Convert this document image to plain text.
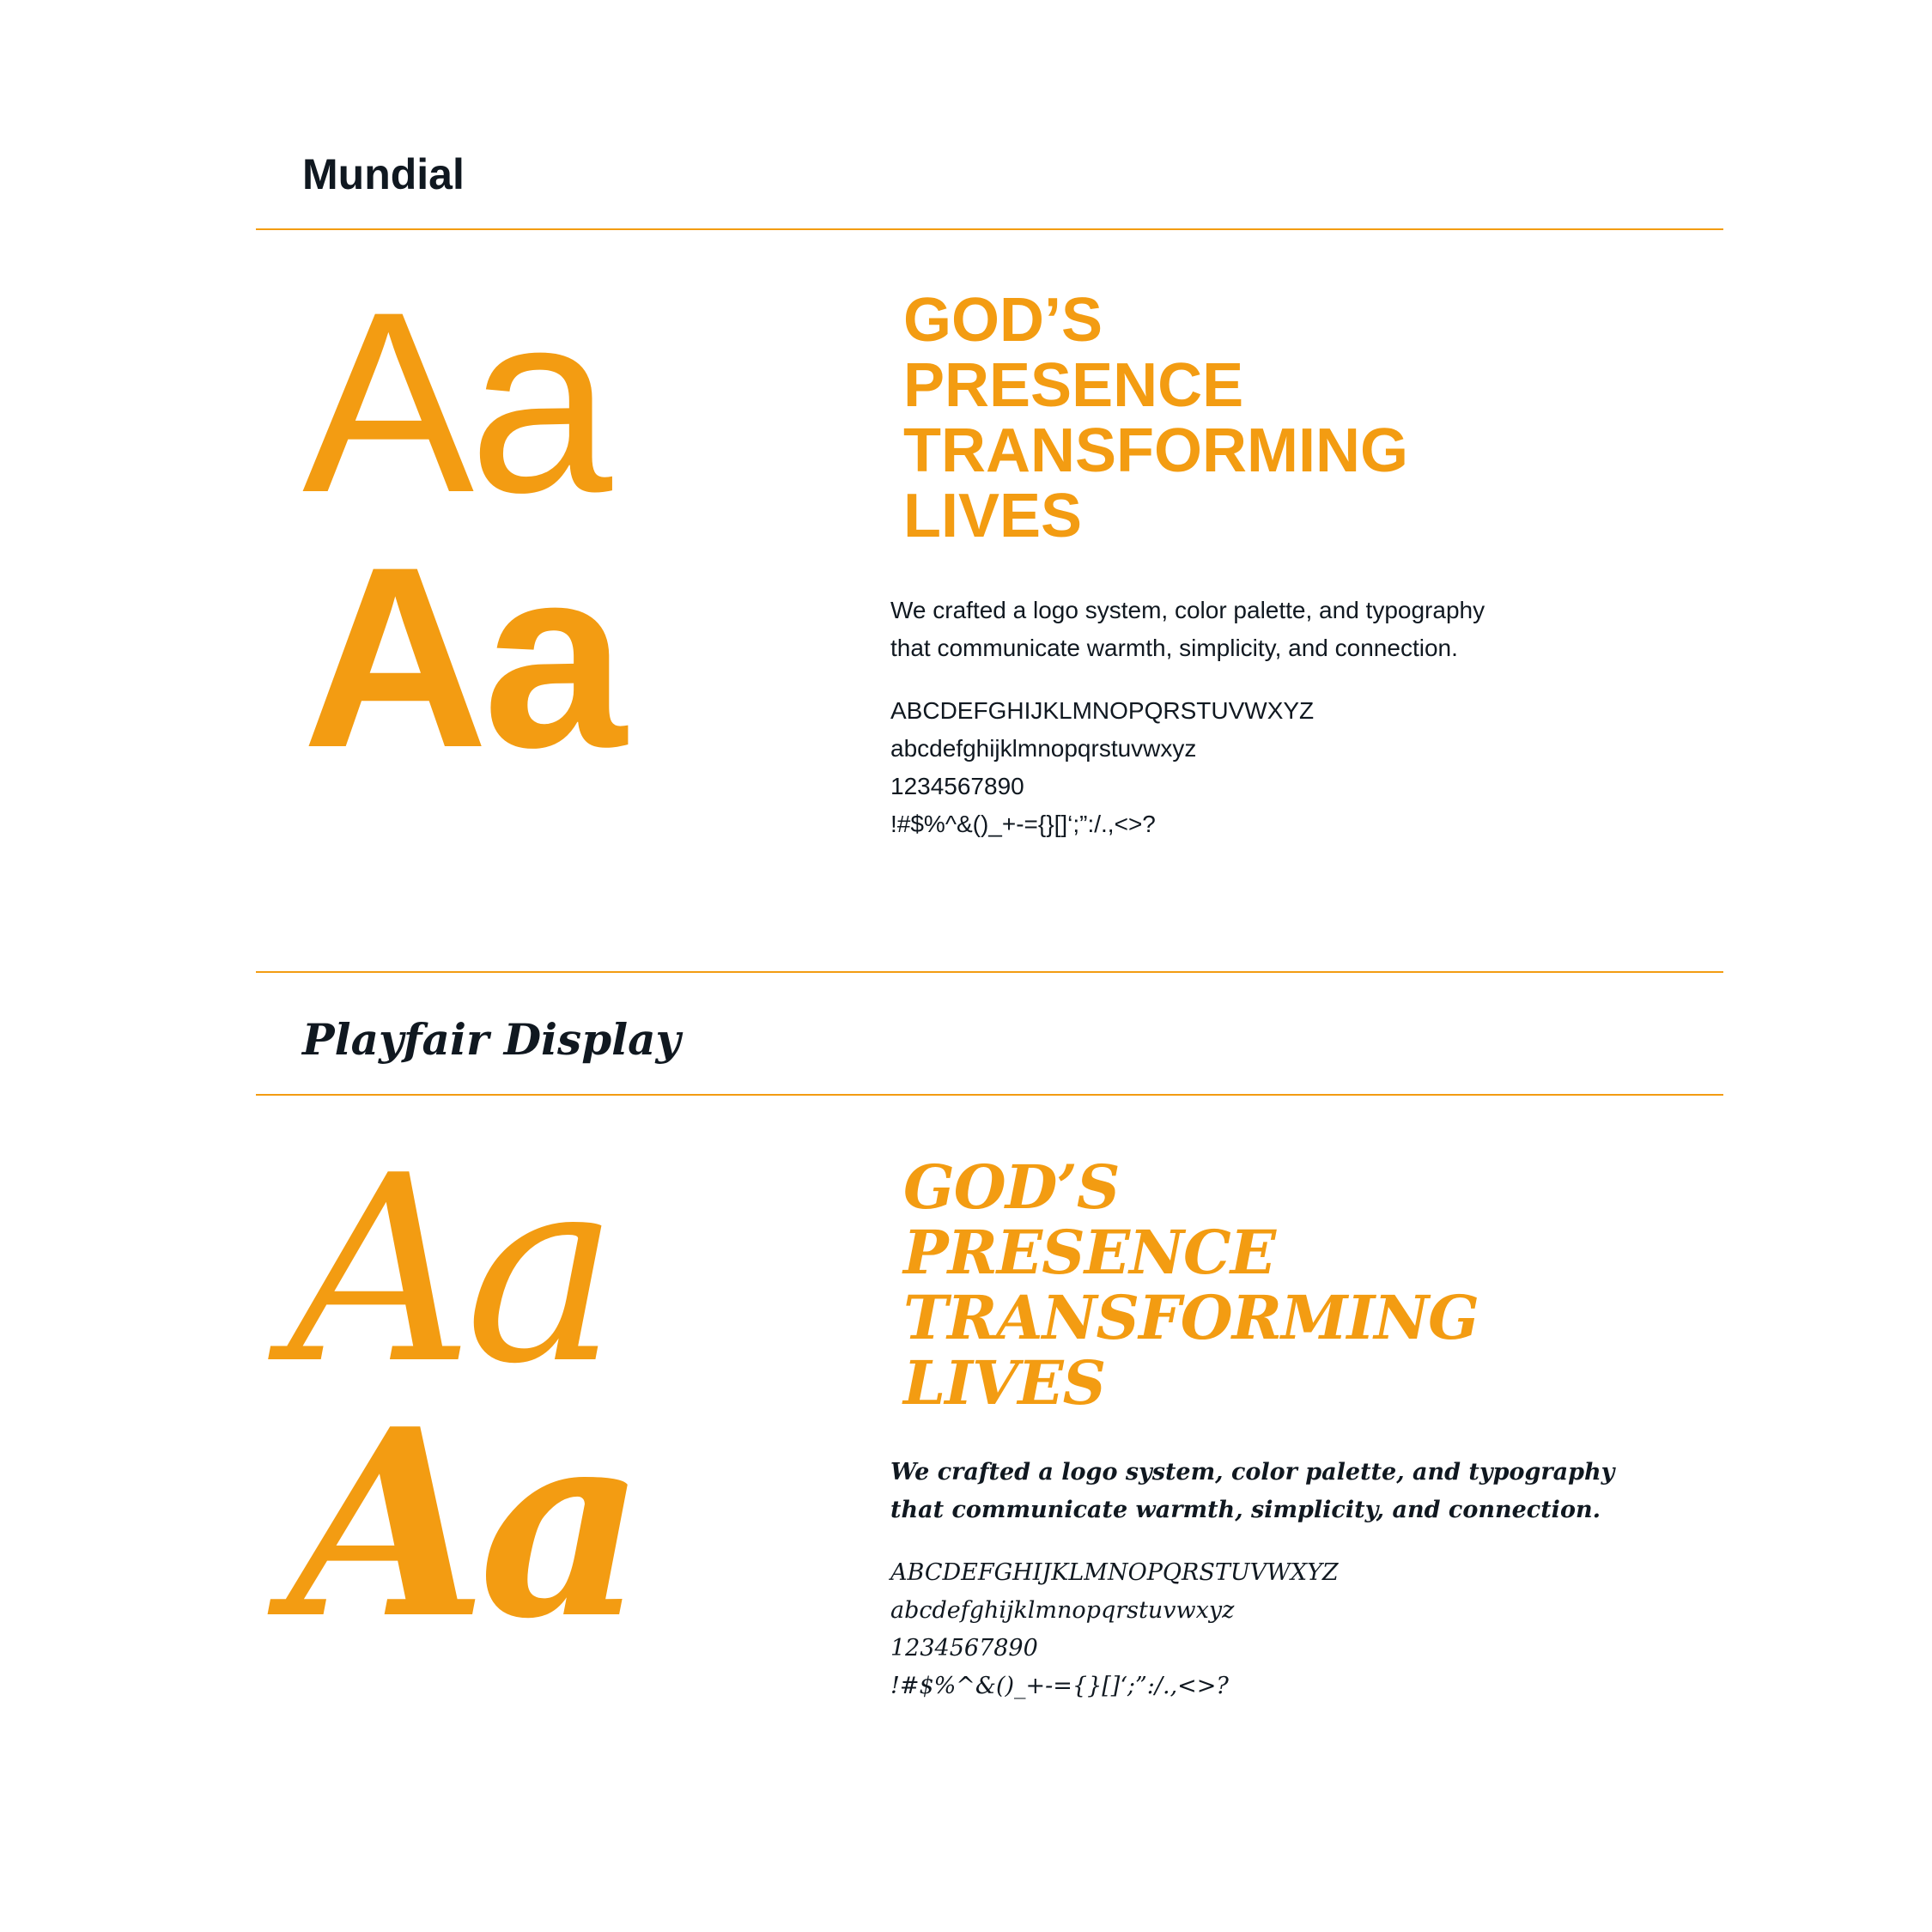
Mundial
Aa
Aa
GOD’S
PRESENCE
TRANSFORMING
LIVES
We crafted a logo system, color palette, and typography
that communicate warmth, simplicity, and connection.
ABCDEFGHIJKLMNOPQRSTUVWXYZ
abcdefghijklmnopqrstuvwxyz
1234567890
!#$%^&()_+-={}[]‘;”:/.,<>?
Playfair Display
Aa
Aa
GOD’S
PRESENCE
TRANSFORMING
LIVES
We crafted a logo system, color palette, and typography
that communicate warmth, simplicity, and connection.
ABCDEFGHIJKLMNOPQRSTUVWXYZ
abcdefghijklmnopqrstuvwxyz
1234567890
!#$%^&()_+-={}[]‘;”:/.,<>?
